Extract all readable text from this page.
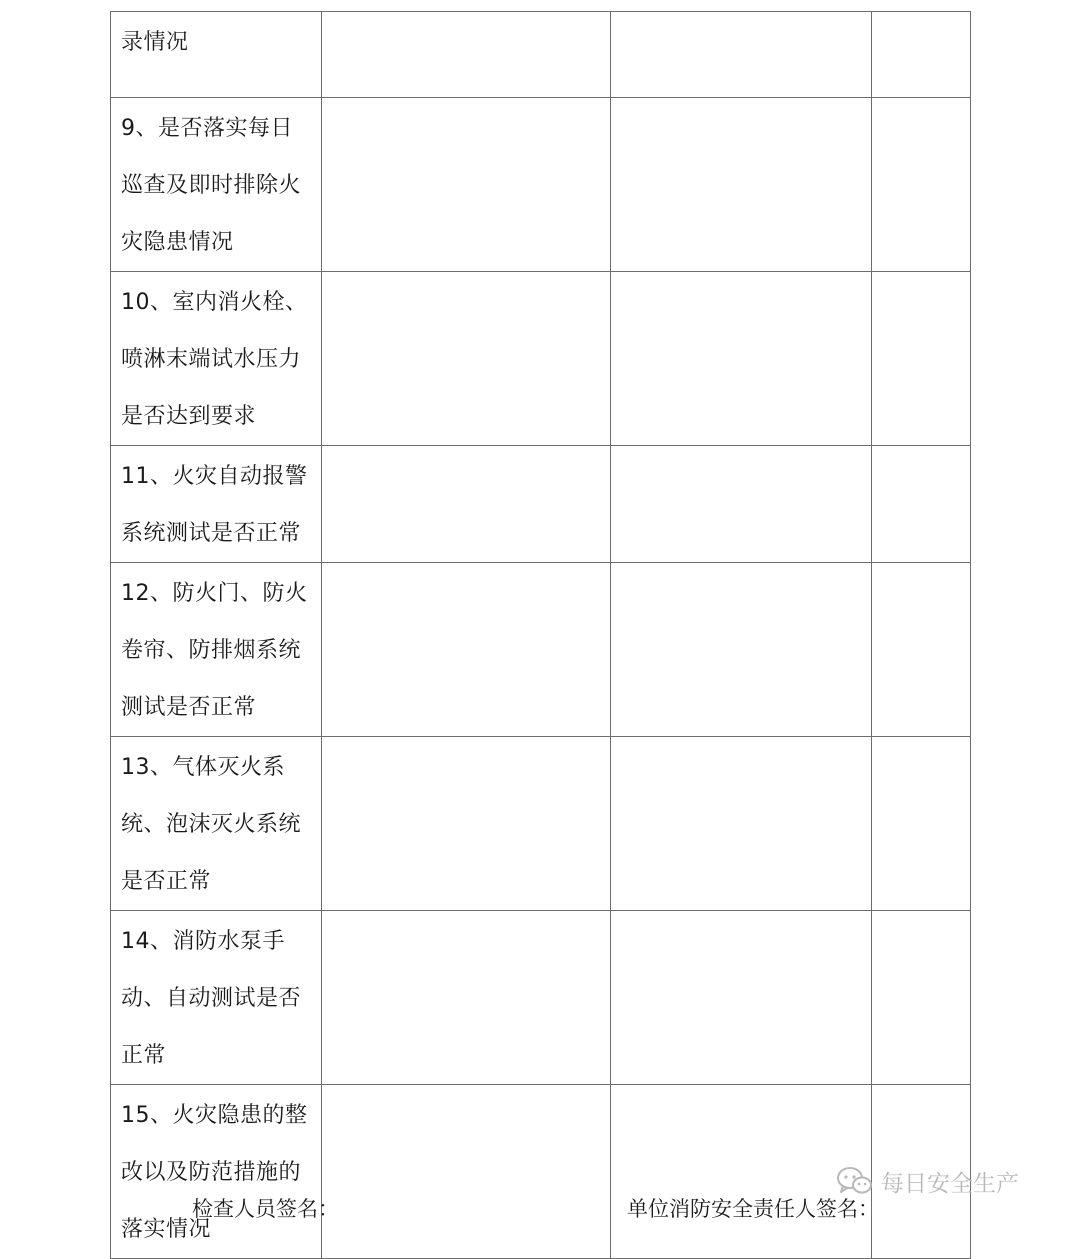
录情况			

9、是否落实每日巡查及即时排除火灾隐患情况			

10、室内消火栓、喷淋末端试水压力是否达到要求			

11、火灾自动报警系统测试是否正常			

12、防火门、防火卷帘、防排烟系统测试是否正常			

13、气体灭火系统、泡沫灭火系统是否正常			

14、消防水泵手动、自动测试是否正常			

15、火灾隐患的整改以及防范措施的落实情况			

检查人员签名：	单位消防安全责任人签名：
每日安全生产
